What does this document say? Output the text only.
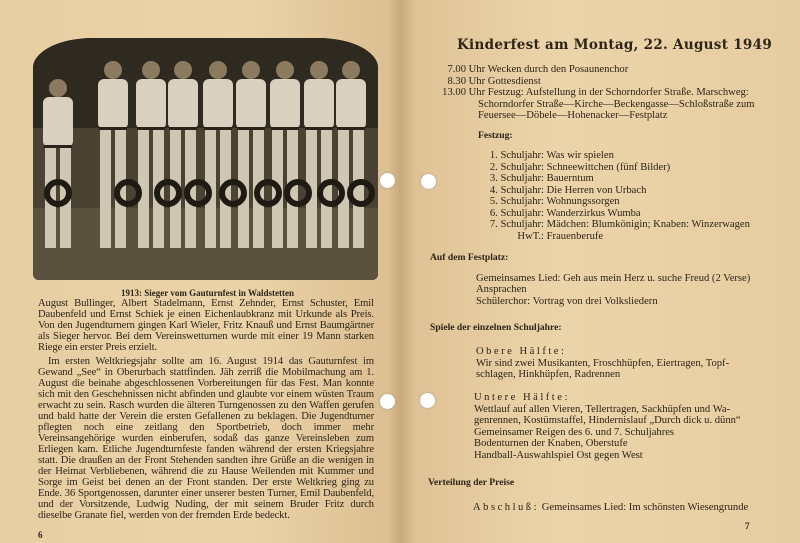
1913: Sieger vom Gauturnfest in Waldstetten

August Bullinger, Albert Stadelmann, Ernst Zehnder, Ernst Schuster, Emil Daubenfeld und Ernst Schiek je einen Eichenlaubkranz mit Urkunde als Preis. Von den Jugendturnern gingen Karl Wieler, Fritz Knauß und Ernst Baumgärtner als Sieger hervor. Bei dem Vereinswetturnen wurde mit einer 19 Mann starken Riege ein erster Preis erzielt.

Im ersten Weltkriegsjahr sollte am 16. August 1914 das Gauturnfest im Gewand „See“ in Oberurbach stattfinden. Jäh zerriß die Mobilmachung am 1. August die beinahe abgeschlossenen Vorbereitungen für das Fest. Man konnte sich mit den Geschehnissen nicht abfinden und glaubte vor einem wüsten Traum erwacht zu sein. Rasch wurden die älteren Turngenossen zu den Waffen gerufen und bald hatte der Verein die ersten Gefallenen zu beklagen. Die Jugendturner pflegten noch eine zeitlang den Sportbetrieb, doch immer mehr Vereinsangehörige wurden einberufen, sodaß das ganze Vereinsleben zum Erliegen kam. Etliche Jugendturnfeste fanden während der ersten Kriegsjahre statt. Die draußen an der Front Stehenden sandten ihre Grüße an die wenigen in der Heimat Verbliebenen, während die zu Hause Weilenden mit Kummer und Sorge im Geist bei denen an der Front standen. Der erste Weltkrieg ging zu Ende. 36 Sportgenossen, darunter einer unserer besten Turner, Emil Daubenfeld, und der Vorsitzende, Ludwig Nuding, der mit seinem Bruder Fritz durch dieselbe Granate fiel, werden von der fremden Erde bedeckt.

6
Kinderfest am Montag, 22. August 1949
7.00 Uhr Wecken durch den Posaunenchor
8.30 Uhr Gottesdienst
13.00 Uhr Festzug: Aufstellung in der Schorndorfer Straße. Marschweg:
Schorndorfer Straße—Kirche—Beckengasse—Schloßstraße zum
Feuersee—Döbele—Hohenacker—Festplatz
Festzug:
1. Schuljahr: Was wir spielen
2. Schuljahr: Schneewittchen (fünf Bilder)
3. Schuljahr: Bauerntum
4. Schuljahr: Die Herren von Urbach
5. Schuljahr: Wohnungssorgen
6. Schuljahr: Wanderzirkus Wumba
7. Schuljahr: Mädchen: Blumkönigin; Knaben: Winzerwagen
HwT.: Frauenberufe
Auf dem Festplatz:
Gemeinsames Lied: Geh aus mein Herz u. suche Freud (2 Verse)
Ansprachen
Schülerchor: Vortrag von drei Volksliedern
Spiele der einzelnen Schuljahre:
Obere Hälfte:
Wir sind zwei Musikanten, Froschhüpfen, Eiertragen, Topf-
schlagen, Hinkhüpfen, Radrennen
Untere Hälfte:
Wettlauf auf allen Vieren, Tellertragen, Sackhüpfen und Wa-
genrennen, Kostümstaffel, Hindernislauf „Durch dick u. dünn“
Gemeinsamer Reigen des 6. und 7. Schuljahres
Bodenturnen der Knaben, Oberstufe
Handball-Auswahlspiel Ost gegen West
Verteilung der Preise
Abschluß: Gemeinsames Lied: Im schönsten Wiesengrunde
7
